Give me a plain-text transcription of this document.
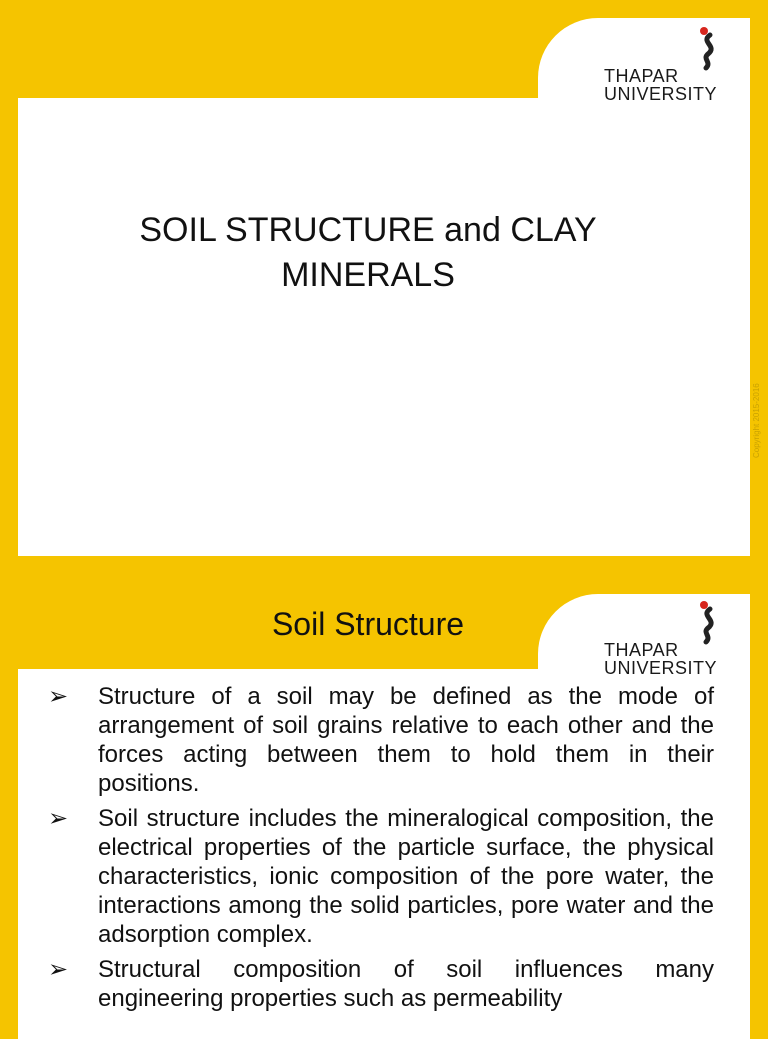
THAPAR
UNIVERSITY
SOIL STRUCTURE and CLAY
MINERALS
Copyright 2015-2016
THAPAR
UNIVERSITY
Soil Structure
➢ Structure of a soil may be defined as the mode of arrangement of soil grains relative to each other and the forces acting between them to hold them in their positions.
➢ Soil structure includes the mineralogical composition, the electrical properties of the particle surface, the physical characteristics, ionic composition of the pore water, the interactions among the solid particles, pore water and the adsorption complex.
➢ Structural composition of soil influences many engineering properties such as permeability
